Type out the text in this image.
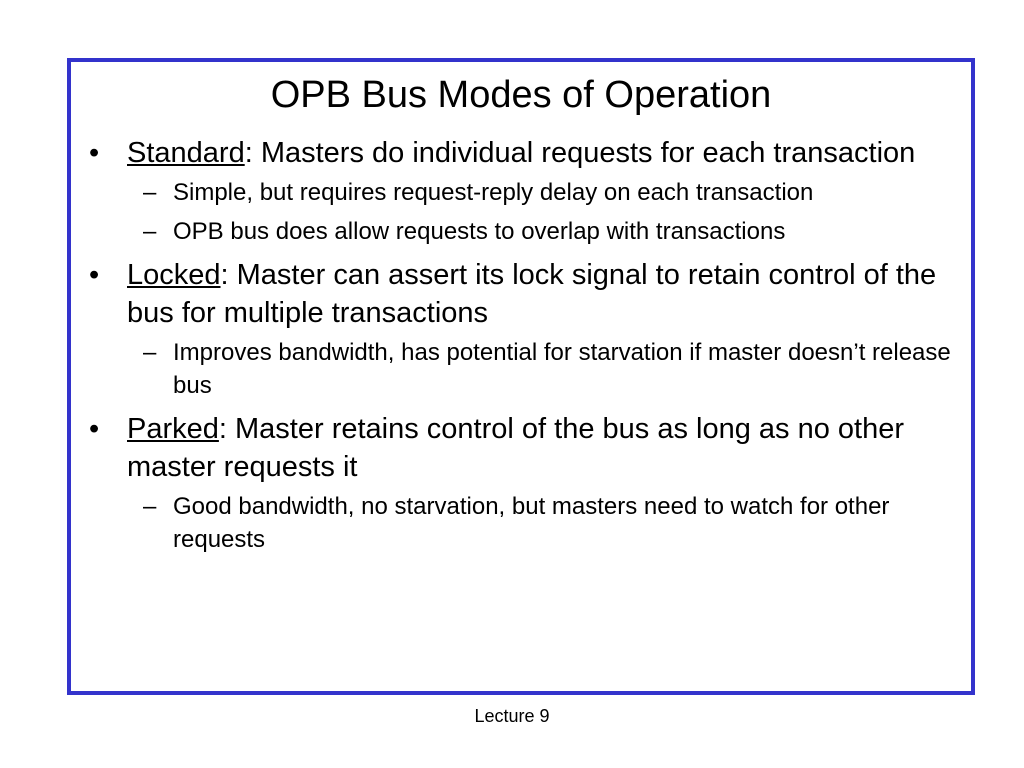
OPB Bus Modes of Operation
• Standard: Masters do individual requests for each transaction
– Simple, but requires request-reply delay on each transaction
– OPB bus does allow requests to overlap with transactions
• Locked: Master can assert its lock signal to retain control of the bus for multiple transactions
– Improves bandwidth, has potential for starvation if master doesn’t release bus
• Parked: Master retains control of the bus as long as no other master requests it
– Good bandwidth, no starvation, but masters need to watch for other requests
Lecture 9
